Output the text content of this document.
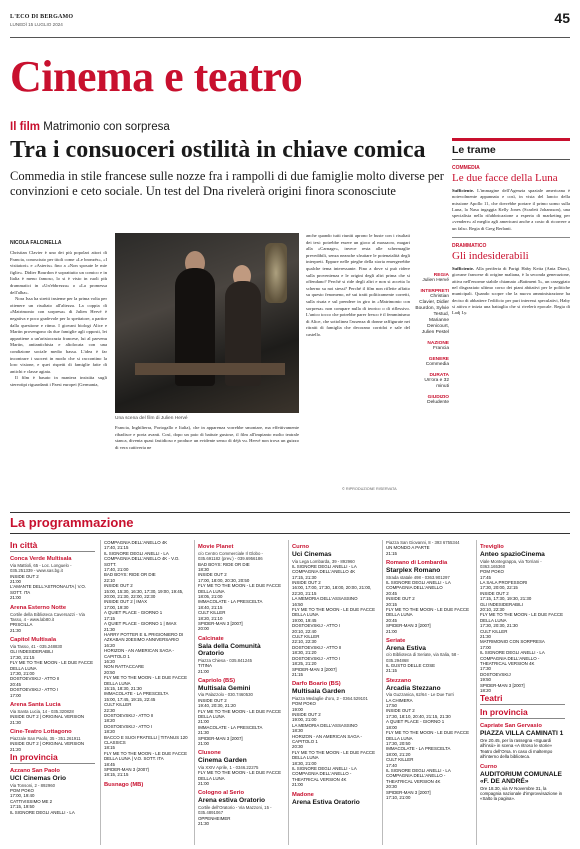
L'ECO DI BERGAMO
LUNEDÌ 15 LUGLIO 2024	45
Cinema e teatro
Il film Matrimonio con sorpresa
Tra i consuoceri ostilità in chiave comica
Commedia in stile francese sulle nozze fra i rampolli di due famiglie molto diverse per convinzioni e ceto sociale. Un test del Dna rivelerà origini finora sconosciute
NICOLA FALCINELLA

Christian Clavier è uno dei più popolari attori di Francia, conosciuto per titoli come «Le bronzés», «I visitatori» e «Asterix» fino a «Non sposate le mie figlie». Didier Bourdon è soprattutto un comico e in Italia è meno famoso, lo si è visto in ruoli più drammatici in «Un'ebbrezza» o «La promessa dell'alba».

Nora Issa ha stretti insieme per la prima volta per ottenere un risultato all'altezza. La coppia di «Matrimonio con sorpresa» di Julien Hervé è negativa e poco gradevole per lo spettatore, a partire dalla questione e ritmo. I giovani biologi Alice e Martin provengono da due famiglie agli opposti, lei appartiene a un'aristocrazia francese, lui al parvenu Martin, antiantichista e altolocata con una condizione sociale medio bassa. L'idea è far incontrare i suoceri in modo che si raccontino la loro visione, e quei rispetti di famiglie fatte di antichi e classe agiata.

Il film è basato in maniera insistita sugli stereotipi riguardanti i Paesi europei (Germania,

Una scena del film di Julien Hervé
Francia, Inghilterra, Portogallo e Italia), che in apparenza vorrebbe smontare, ma effettivamente ribadisce e porta avanti. Così, dopo un paio di battute gustose, il film all'impianto molto teatrale stanca, diventa quasi fastidioso e produce un evidente senso di déjà vu. Hervé non trova un guizzo di vera cattiveria ne
anche quando tutti riuniti aprono le buste con i risultati dei test: potrebbe essere un gioco al massacro, magari alla «Carnage», invece resta alle schermaglie prevedibili, senza neanche sfruttare le potenzialità degli interpreti. Eppure nelle pieghe della storia emergerebbe qualche tema interessante. Fino a dove si può ridere sulla provenienza e le origini degli altri prima che si offendano? Perché si ride degli altri e non si accetta lo scherno su noi stessi? Perché il film non riflette affatto su questo fenomeno, né sui tratti politicamente corretti, sulla risata e sul prendere in giro in «Matrimonio con sorpresa» non compare nulla di teorico o di riflessivo. L'unico tocco che potrebbe parer fresco è il femminismo di Alice, che sottolinea l'assenza di donne raffigurate nei ritratti di famiglia che decorano corridoi e sale del castello.
© RIPRODUZIONE RISERVATA
REGIA
Julien Hervé
INTERPRETI
Christian Clavier, Didier Bourdon, Sylvie Testud, Marianne Denicourt, Julien Pestel
NAZIONE
Francia
GENERE
Commedia
DURATA
Un'ora e 32 minuti
GIUDIZIO
Deludente
Le trame
COMMEDIA
Le due facce della Luna
Sufficiente. L'immagine dell'Agenzia spaziale americana è notevolmente appannata e così, in vista del lancio della missione Apollo 11, che dovrebbe portare il primo uomo sulla Luna, la Nasa ingaggia Kelly Jones (Scarlett Johansson), una specialista nella rifabbricazione a esperta di marketing per «vendere» al meglio agli americani anche a costo di ricorrere a un falso. Regia di Greg Berlanti.
DRAMMATICO
Gli indesiderabili
Sufficiente. Alla periferia di Parigi Haby Keita (Anta Diaw), giovane francese di origine maliana, è la seconda generazione, attiva nell'enorme stabile chiamato «Batiment 5», un caseggiato nel disgraziato ultimo corso dei piani abitativi per le politiche municipali. Quando scopre che la nuova amministrazione ha deciso di abbattere l'edificio per puri interessi speculativi, Haby si attiva e inizia una battaglia che si rivelerà epocale. Regia di Ladj Ly.
La programmazione
In città
Conca Verde Multisala
Via Mattioli, 65 - Loc. Longuelo - 035.251339 - www.sas.bg.it
INSIDE OUT 2
21:00
L'AMANTE DELL'ASTRONAUTA | V.O. SOTT. ITA
21:00
Arena Esterno Notte
Cortile della Biblioteca Caversazzi - Via Tasso, 4 - www.lab80.it
PRISCILLA
21:30
Capitol Multisala
Via Tasso, 41 - 035.248830
GLI INDESIDERABILI
17:30, 21:15
FLY ME TO THE MOON - LE DUE FACCE DELLA LUNA
17:30, 21:00
DOSTOEVSKIJ - ATTO II
20:45
DOSTOEVSKIJ - ATTO I
17:00
Arena Santa Lucia
Via Santa Lucia, 14 - 035.320828
INSIDE OUT 2 | ORIGINAL VERSION
21:30
Cine-Teatro Lottagono
Piazzale San Paolo, 35 - 351.261911
INSIDE OUT 2 | ORIGINAL VERSION
21:20
In provincia
Azzano San Paolo
UCI Cinemas Orio
Via Tonsoni, 2 - 892960
POM POKO
17:00, 19:40
CATTIVISSIMO ME 2
17:15, 19:50
IL SIGNORE DEGLI ANELLI - LA
COMPAGNIA DELL'ANELLO 4K
17:40, 21:15
IL SIGNORE DEGLI ANELLI - LA COMPAGNIA DELL'ANELLO 4K - V.O. SOTT.
17:40, 21:00
BAD BOYS: RIDE OR DIE
22:10
INSIDE OUT 2
15:00, 15:30, 16:30, 17:30, 19:00, 19:45, 20:00, 21:30, 22:00, 22:30
INSIDE OUT 2 | IMAX
17:00, 19:30
A QUIET PLACE - GIORNO 1
17:15
A QUIET PLACE - GIORNO 1 | IMAX
21:30
HARRY POTTER E IL PRIGIONIERO DI AZKABAN 20ESIMO ANNIVERSARIO
16:20
HORIZON - AN AMERICAN SAGA - CAPITOLO 1
16:20
NON RATTACCARE
20:50
FLY ME TO THE MOON - LE DUE FACCE DELLA LUNA
15:15, 18:30, 21:30
IMMACOLATE - LA PRESCELTA
15:00, 17:45, 19:15, 22:45
CULT KILLER
22:30
DOSTOEVSKIJ - ATTO II
18:20
DOSTOEVSKIJ - ATTO I
18:20
BACCO E SUOI FRATELLI | TITANUS 120 CLASSICS
18:15
FLY ME TO THE MOON - LE DUE FACCE DELLA LUNA | V.O. SOTT. ITA
18:45
SPIDER-MAN 3 (2007)
18:15, 21:15
Busnago (MB)
Movie Planet
c/o Centro Commerciale Il Globo - 035.691182 (prev.) - 039.6956186
BAD BOYS: RIDE OR DIE
18:30
INSIDE OUT 2
17:00, 18:00, 20:30, 20:50
FLY ME TO THE MOON - LE DUE FACCE DELLA LUNA
18:05, 21:00
IMMACOLATE - LA PRESCELTA
18:40, 21:15
CULT KILLER
18:20, 21:10
SPIDER-MAN 3 [2007]
20:00
Calcinate
Sala della Comunità Oratorio
Piazza Chiesa - 035.841245
TITINA
21:00
Capriolo (BS)
Multisala Gemini
Via Palazzolo - 030.7460530
INSIDE OUT 2
19:40, 20:30, 21:20
FLY ME TO THE MOON - LE DUE FACCE DELLA LUNA
21:00
IMMACOLATE - LA PRESCELTA
21:30
SPIDER-MAN 3 [2007]
21:00
Clusone
Cinema Garden
Via XXIV Aprile, 1 - 0346.22275
FLY ME TO THE MOON - LE DUE FACCE DELLA LUNA
21:00
Cologno al Serio
Arena estiva Oratorio
Cortile dell'Oratorio - Via Mazzoni, 15 - 035.4891067
OPPENHEIMER
21:30
Curno
Uci Cinemas
Via Lega Lombarda, 39 - 892960
IL SIGNORE DEGLI ANELLI - LA COMPAGNIA DELL'ANELLO 4K
17:15, 21:30
INSIDE OUT 2
16:00, 17:00, 17:30, 18:00, 20:00, 21:00, 22:20, 21:15
LA MEMORIA DELL'ASSASSINO
16:50
FLY ME TO THE MOON - LE DUE FACCE DELLA LUNA
19:00, 19:45
DOSTOEVSKIJ - ATTO I
20:10, 22:40
CULT KILLER
22:10, 22:30
DOSTOEVSKIJ - ATTO II
18:30, 21:20
DOSTOEVSKIJ - ATTO I
18:25, 21:20
SPIDER-MAN 3 [2007]
21:15
Darfo Boario (BS)
Multisala Garden
Piazza Medaglie d'oro, 2 - 0364.529101
POM POKO
19:00
INSIDE OUT 2
19:00, 21:00
LA MEMORIA DELL'ASSASSINO
18:30
HORIZON - AN AMERICAN SAGA - CAPITOLO 1
20:30
FLY ME TO THE MOON - LE DUE FACCE DELLA LUNA
18:30, 21:00
IL SIGNORE DEGLI ANELLI - LA COMPAGNIA DELL'ANELLO - THEATRICAL VERSION 4K
21:00
Madone
Arena Estiva Oratorio
Piazza San Giovanni, 8 - 393 6755344
UN MONDO A PARTE
21:15
Romano di Lombardia
Starplex Romano
Strada statale 498 - 0363.901297
IL SIGNORE DEGLI ANELLI - LA COMPAGNIA DELL'ANELLO
20:45
INSIDE OUT 2
20:15
FLY ME TO THE MOON - LE DUE FACCE DELLA LUNA
20:45
SPIDER-MAN 3 [2007]
21:00
Seriate
Arena Estiva
c/o Biblioteca di Seriate, via Italia, 58 - 035.294868
IL GUSTO DELLE COSE
21:15
Stezzano
Arcadia Stezzano
Via Guzzanica, 62/64 - Le Due Torri
LA CHIMERA
17:50
INSIDE OUT 2
17:30, 18:10, 20:40, 21:15, 21:30
A QUIET PLACE - GIORNO 1
18:00
FLY ME TO THE MOON - LE DUE FACCE DELLA LUNA
17:30, 20:50
IMMACOLATE - LA PRESCELTA
18:00, 21:20
CULT KILLER
17:40
IL SIGNORE DEGLI ANELLI - LA COMPAGNIA DELL'ANELLO - THEATRICAL VERSION 4K
20:30
SPIDER-MAN 3 [2007]
17:10, 21:00
Treviglio
Anteo spazioCinema
Viale Montegrappa, via Torriani - 0363.165360
POM POKO
17:45
LA SALA PROFESSORI
17:30, 20:00, 22:15
INSIDE OUT 2
17:15, 17:30, 19:30, 21:30
GLI INDESIDERABILI
20:10, 22:30
FLY ME TO THE MOON - LE DUE FACCE DELLA LUNA
17:30, 20:30, 21:30
CULT KILLER
21:30
MATRIMONIO CON SORPRESA
17:00
IL SIGNORE DEGLI ANELLI - LA COMPAGNIA DELL'ANELLO - THEATRICAL VERSION 4K
17:30
DOSTOEVSKIJ
19:50
SPIDER-MAN 3 [2007]
18:20
Teatri
In provincia
Capriate San Gervasio
PIAZZA VILLA CAMINATI 1
Ore 20.45, per la rassegna «Sguardi all'insù» in scena «A ritroso le storie» Teatro dell'Orsa. In caso di maltempo all'interno della biblioteca.
Curno
AUDITORIUM COMUNALE «F. DE ANDRÉ»
Ore 18.30, via IV Novembre 31, la compagnia nazionale d'improvvisazione in «Salto la pagina».
